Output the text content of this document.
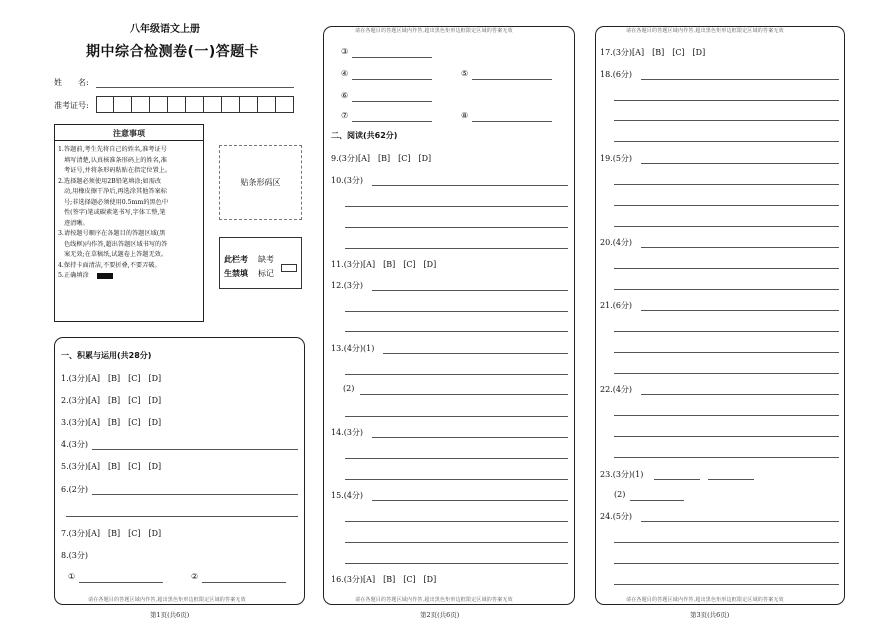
八年级语文上册
期中综合检测卷(一)答题卡
姓　　名:
准考证号:
注意事项
1.答题前,考生先将自己的姓名,准考证号
填写清楚,认真核准条形码上的姓名,准
考证号,并将条形码粘贴在指定位置上。
2.选择题必须使用2B铅笔填涂;如需改
动,用橡皮擦干净后,再选涂其他答案标
号;非选择题必须使用0.5mm的黑色中
性(签字)笔或碳素笔书写,字体工整,笔
迹清晰。
3.请按题号顺序在各题目的答题区域(黑
色线框)内作答,超出答题区域书写的答
案无效;在草稿纸,试题卷上答题无效。
4.保持卡面清洁,不要折叠,不要弄破。
5.正确填涂
贴条形码区
此栏考
生禁填
缺考
标记
一、积累与运用(共28分)
1.(3分)[A]　[B]　[C]　[D]
2.(3分)[A]　[B]　[C]　[D]
3.(3分)[A]　[B]　[C]　[D]
4.(3分)
5.(3分)[A]　[B]　[C]　[D]
6.(2分)
7.(3分)[A]　[B]　[C]　[D]
8.(3分)
①	②
请在各题目的答题区域内作答,超出黑色矩形边框限定区域的答案无效
第1页(共6页)
请在各题目的答题区域内作答,超出黑色矩形边框限定区域的答案无效
③
④	⑤
⑥
⑦	⑧
二、阅读(共62分)
9.(3分)[A]　[B]　[C]　[D]
10.(3分)
11.(3分)[A]　[B]　[C]　[D]
12.(3分)
13.(4分)(1)
(2)
14.(3分)
15.(4分)
16.(3分)[A]　[B]　[C]　[D]
请在各题目的答题区域内作答,超出黑色矩形边框限定区域的答案无效
第2页(共6页)
请在各题目的答题区域内作答,超出黑色矩形边框限定区域的答案无效
17.(3分)[A]　[B]　[C]　[D]
18.(6分)
19.(5分)
20.(4分)
21.(6分)
22.(4分)
23.(3分)(1)
(2)
24.(5分)
请在各题目的答题区域内作答,超出黑色矩形边框限定区域的答案无效
第3页(共6页)
